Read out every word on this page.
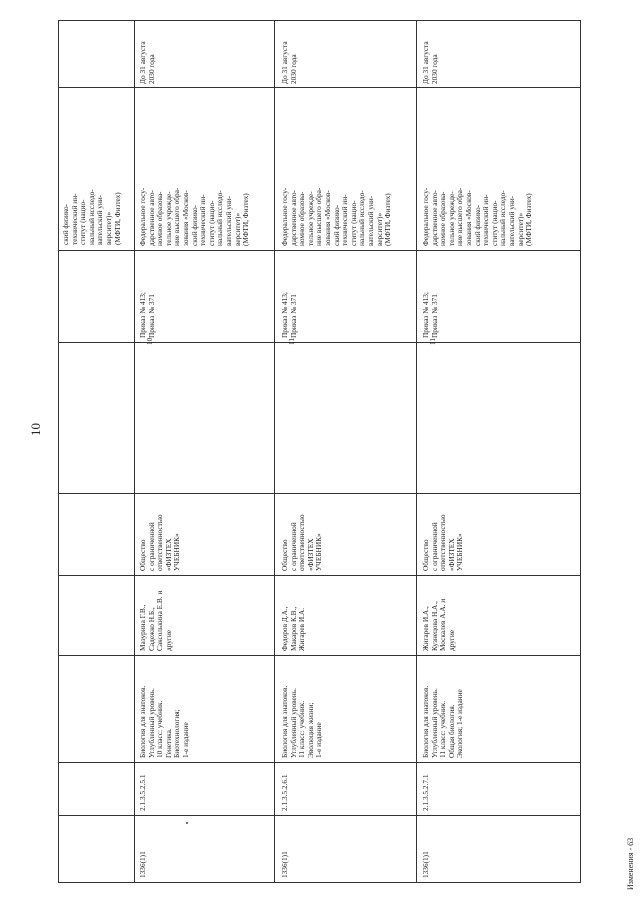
10
Изменения - 63
ский физико-
технический ин-
ститут (нацио-
нальный исследо-
вательский уни-
верситет)»
(МФТИ, Физтех)
1336(1)1
2.1.3.5.2.5.1
Биология для знатоков.
Углубленный уровень.
10 класс: учебник.
Генетика.
Биотехнология;
1-е издание
Мазурина Г.В.,
Садежко Н.Б.,
Саксолькина Е.В. и
другие
Общество
с ограниченной
ответственностью
«ФИЗТЕХ
УЧЕБНИК»
10
Приказ № 413;
Приказ № 371
Федеральное госу-
дарственное авто-
номное образова-
тельное учрежде-
ние высшего обра-
зования «Москов-
ский физико-
технический ин-
ститут (нацио-
нальный исследо-
вательский уни-
верситет)»
(МФТИ, Физтех)
До 31 августа
2030 года
1336(1)1
2.1.3.5.2.6.1
Биология для знатоков.
Углубленный уровень.
11 класс: учебник.
Эволюция жизни;
1-е издание
Федоров Д.А.,
Макаров К.В.,
Жигарев И.А.
Общество
с ограниченной
ответственностью
«ФИЗТЕХ
УЧЕБНИК»
11
Приказ № 413;
Приказ № 371
Федеральное госу-
дарственное авто-
номное образова-
тельное учрежде-
ние высшего обра-
зования «Москов-
ский физико-
технический ин-
ститут (нацио-
нальный исследо-
вательский уни-
верситет)»
(МФТИ, Физтех)
До 31 августа
2030 года
1336(1)1
2.1.3.5.2.7.1
Биология для знатоков.
Углубленный уровень.
11 класс: учебник.
Общая биология.
Экология; 1-е издание
Жигарев И.А.,
Кузнецова Н.А.,
Москалев А.А. и
другие
Общество
с ограниченной
ответственностью
«ФИЗТЕХ
УЧЕБНИК»
11
Приказ № 413;
Приказ № 371
Федеральное госу-
дарственное авто-
номное образова-
тельное учрежде-
ние высшего обра-
зования «Москов-
ский физико-
технический ин-
ститут (нацио-
нальный исследо-
вательский уни-
верситет)»
(МФТИ, Физтех)
До 31 августа
2030 года
